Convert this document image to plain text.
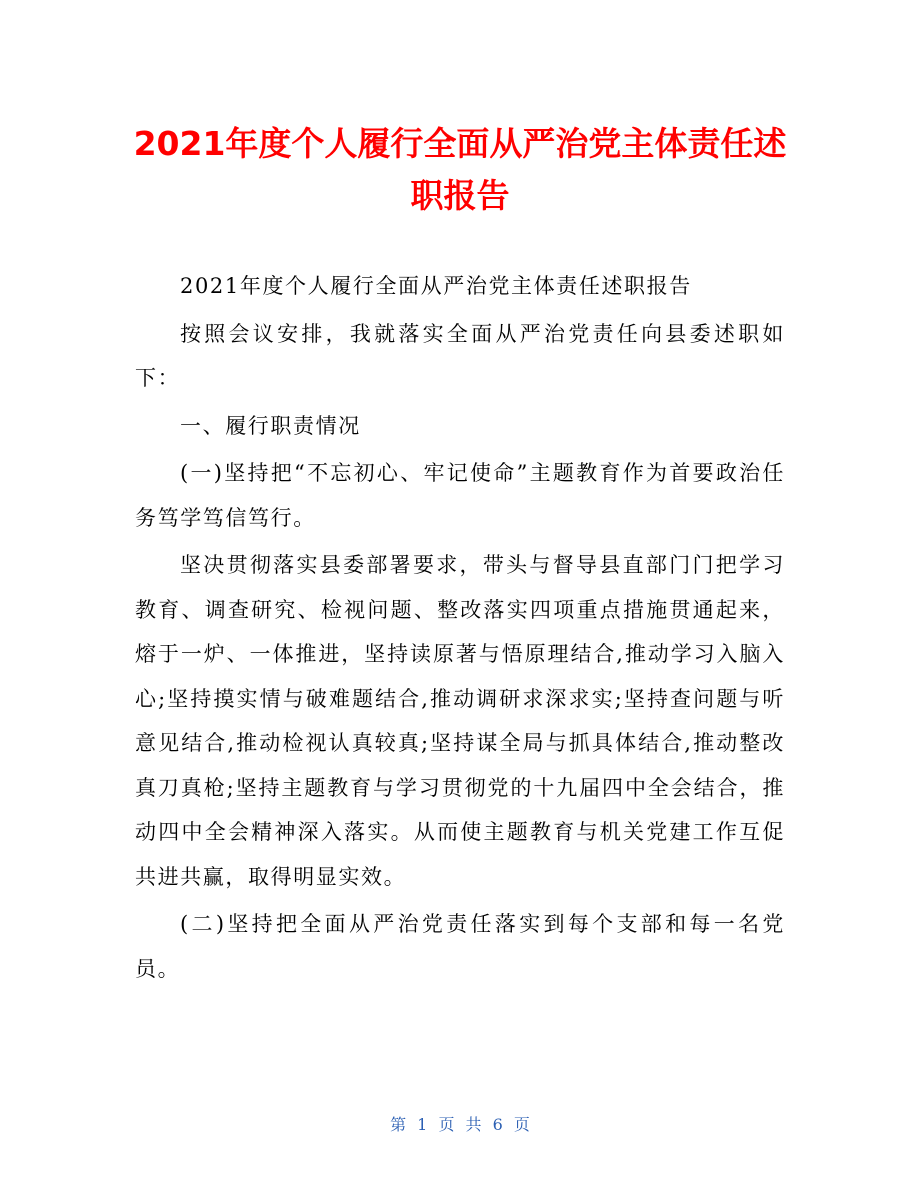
2021年度个人履行全面从严治党主体责任述职报告

2021年度个人履行全面从严治党主体责任述职报告

按照会议安排，我就落实全面从严治党责任向县委述职如下：

一、履行职责情况

(一)坚持把“不忘初心、牢记使命”主题教育作为首要政治任务笃学笃信笃行。

坚决贯彻落实县委部署要求，带头与督导县直部门门把学习教育、调查研究、检视问题、整改落实四项重点措施贯通起来，熔于一炉、一体推进，坚持读原著与悟原理结合,推动学习入脑入心;坚持摸实情与破难题结合,推动调研求深求实;坚持查问题与听意见结合,推动检视认真较真;坚持谋全局与抓具体结合,推动整改真刀真枪;坚持主题教育与学习贯彻党的十九届四中全会结合，推动四中全会精神深入落实。从而使主题教育与机关党建工作互促共进共赢，取得明显实效。

(二)坚持把全面从严治党责任落实到每个支部和每一名党员。

第 1 页 共 6 页
